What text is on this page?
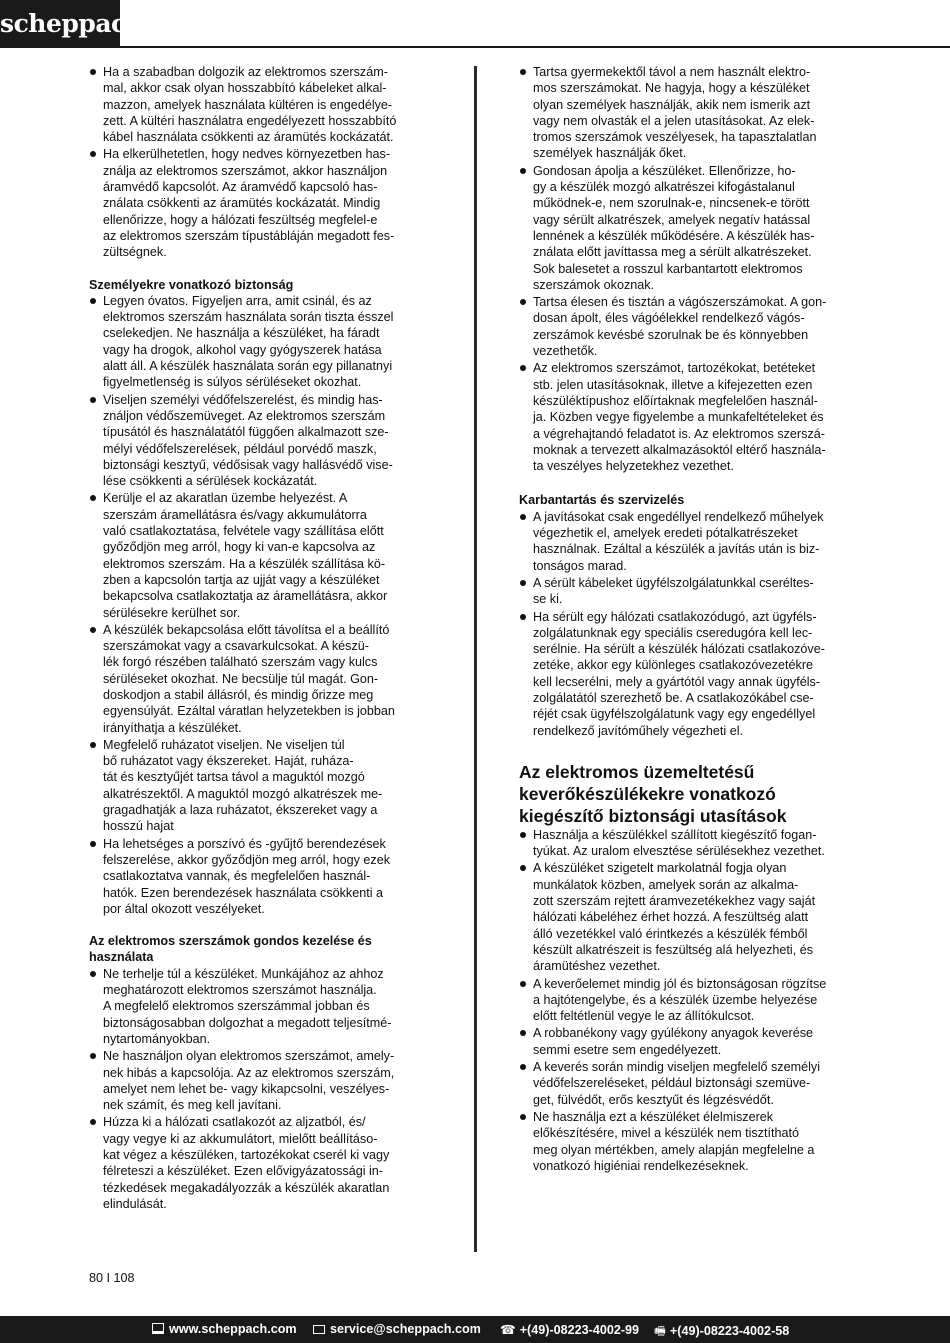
scheppach
Ha a szabadban dolgozik az elektromos szerszám-
mal, akkor csak olyan hosszabbító kábeleket alkal-
mazzon, amelyek használata kültéren is engedélye-
zett. A kültéri használatra engedélyezett hosszabbító
kábel használata csökkenti az áramütés kockázatát.
Ha elkerülhetetlen, hogy nedves környezetben has-
ználja az elektromos szerszámot, akkor használjon
áramvédő kapcsolót. Az áramvédő kapcsoló has-
ználata csökkenti az áramütés kockázatát. Mindig
ellenőrizze, hogy a hálózati feszültség megfelel-e
az elektromos szerszám típustábláján megadott fes-
zültségnek.
Személyekre vonatkozó biztonság
Legyen óvatos. Figyeljen arra, amit csinál, és az
elektromos szerszám használata során tiszta ésszel
cselekedjen. Ne használja a készüléket, ha fáradt
vagy ha drogok, alkohol vagy gyógyszerek hatása
alatt áll. A készülék használata során egy pillanatnyi
figyelmetlenség is súlyos sérüléseket okozhat.
Viseljen személyi védőfelszerelést, és mindig has-
ználjon védőszemüveget. Az elektromos szerszám
típusától és használatától függően alkalmazott sze-
mélyi védőfelszerelések, például porvédő maszk,
biztonsági kesztyű, védősisak vagy hallásvédő vise-
lése csökkenti a sérülések kockázatát.
Kerülje el az akaratlan üzembe helyezést. A
szerszám áramellátásra és/vagy akkumulátorra
való csatlakoztatása, felvétele vagy szállítása előtt
győződjön meg arról, hogy ki van-e kapcsolva az
elektromos szerszám. Ha a készülék szállítása kö-
zben a kapcsolón tartja az ujját vagy a készüléket
bekapcsolva csatlakoztatja az áramellátásra, akkor
sérülésekre kerülhet sor.
A készülék bekapcsolása előtt távolítsa el a beállító
szerszámokat vagy a csavarkulcsokat. A készü-
lék forgó részében található szerszám vagy kulcs
sérüléseket okozhat. Ne becsülje túl magát. Gon-
doskodjon a stabil állásról, és mindig őrizze meg
egyensúlyát. Ezáltal váratlan helyzetekben is jobban
irányíthatja a készüléket.
Megfelelő ruházatot viseljen. Ne viseljen túl
bő ruházatot vagy ékszereket. Haját, ruháza-
tát és kesztyűjét tartsa távol a maguktól mozgó
alkatrészektől. A maguktól mozgó alkatrészek me-
gragadhatják a laza ruházatot, ékszereket vagy a
hosszú hajat
Ha lehetséges a porszívó és -gyűjtő berendezések
felszerelése, akkor győződjön meg arról, hogy ezek
csatlakoztatva vannak, és megfelelően használ-
hatók. Ezen berendezések használata csökkenti a
por által okozott veszélyeket.
Az elektromos szerszámok gondos kezelése és
használata
Ne terhelje túl a készüléket. Munkájához az ahhoz
meghatározott elektromos szerszámot használja.
A megfelelő elektromos szerszámmal jobban és
biztonságosabban dolgozhat a megadott teljesítmé-
nytartományokban.
Ne használjon olyan elektromos szerszámot, amely-
nek hibás a kapcsolója. Az az elektromos szerszám,
amelyet nem lehet be- vagy kikapcsolni, veszélyes-
nek számít, és meg kell javítani.
Húzza ki a hálózati csatlakozót az aljzatból, és/
vagy vegye ki az akkumulátort, mielőtt beállításo-
kat végez a készüléken, tartozékokat cserél ki vagy
félreteszi a készüléket. Ezen elővigyázatossági in-
tézkedések megakadályozzák a készülék akaratlan
elindulását.
Tartsa gyermekektől távol a nem használt elektro-
mos szerszámokat. Ne hagyja, hogy a készüléket
olyan személyek használják, akik nem ismerik azt
vagy nem olvasták el a jelen utasításokat. Az elek-
tromos szerszámok veszélyesek, ha tapasztalatlan
személyek használják őket.
Gondosan ápolja a készüléket. Ellenőrizze, ho-
gy a készülék mozgó alkatrészei kifogástalanul
működnek-e, nem szorulnak-e, nincsenek-e törött
vagy sérült alkatrészek, amelyek negatív hatással
lennének a készülék működésére. A készülék has-
ználata előtt javíttassa meg a sérült alkatrészeket.
Sok balesetet a rosszul karbantartott elektromos
szerszámok okoznak.
Tartsa élesen és tisztán a vágószerszámokat. A gon-
dosan ápolt, éles vágóélekkel rendelkező vágós-
zerszámok kevésbé szorulnak be és könnyebben
vezethetők.
Az elektromos szerszámot, tartozékokat, betéteket
stb. jelen utasításoknak, illetve a kifejezetten ezen
készüléktípushoz előírtaknak megfelelően használ-
ja. Közben vegye figyelembe a munkafeltételeket és
a végrehajtandó feladatot is. Az elektromos szerszá-
moknak a tervezett alkalmazásoktól eltérő használa-
ta veszélyes helyzetekhez vezethet.
Karbantartás és szervizelés
A javításokat csak engedéllyel rendelkező műhelyek
végezhetik el, amelyek eredeti pótalkatrészeket
használnak. Ezáltal a készülék a javítás után is biz-
tonságos marad.
A sérült kábeleket ügyfélszolgálatunkkal cseréltes-
se ki.
Ha sérült egy hálózati csatlakozódugó, azt ügyféls-
zolgálatunknak egy speciális cseredugóra kell lec-
serélnie. Ha sérült a készülék hálózati csatlakozóve-
zetéke, akkor egy különleges csatlakozóvezetékre
kell lecserélni, mely a gyártótól vagy annak ügyféls-
zolgálatától szerezhető be. A csatlakozókábel cse-
réjét csak ügyfélszolgálatunk vagy egy engedéllyel
rendelkező javítóműhely végezheti el.
Az elektromos üzemeltetésű
keverőkészülékekre vonatkozó
kiegészítő biztonsági utasítások
Használja a készülékkel szállított kiegészítő fogan-
tyúkat. Az uralom elvesztése sérülésekhez vezethet.
A készüléket szigetelt markolatnál fogja olyan
munkálatok közben, amelyek során az alkalma-
zott szerszám rejtett áramvezetékekhez vagy saját
hálózati kábeléhez érhet hozzá. A feszültség alatt
álló vezetékkel való érintkezés a készülék fémből
készült alkatrészeit is feszültség alá helyezheti, és
áramütéshez vezethet.
A keverőelemet mindig jól és biztonságosan rögzítse
a hajtótengelybe, és a készülék üzembe helyezése
előtt feltétlenül vegye le az állítókulcsot.
A robbanékony vagy gyúlékony anyagok keverése
semmi esetre sem engedélyezett.
A keverés során mindig viseljen megfelelő személyi
védőfelszereléseket, például biztonsági szemüve-
get, fülvédőt, erős kesztyűt és légzésvédőt.
Ne használja ezt a készüléket élelmiszerek
előkészítésére, mivel a készülék nem tisztítható
meg olyan mértékben, amely alapján megfelelne a
vonatkozó higiéniai rendelkezéseknek.
80 I 108
www.scheppach.com	service@scheppach.com ☎ +(49)-08223-4002-99 🖷 +(49)-08223-4002-58
